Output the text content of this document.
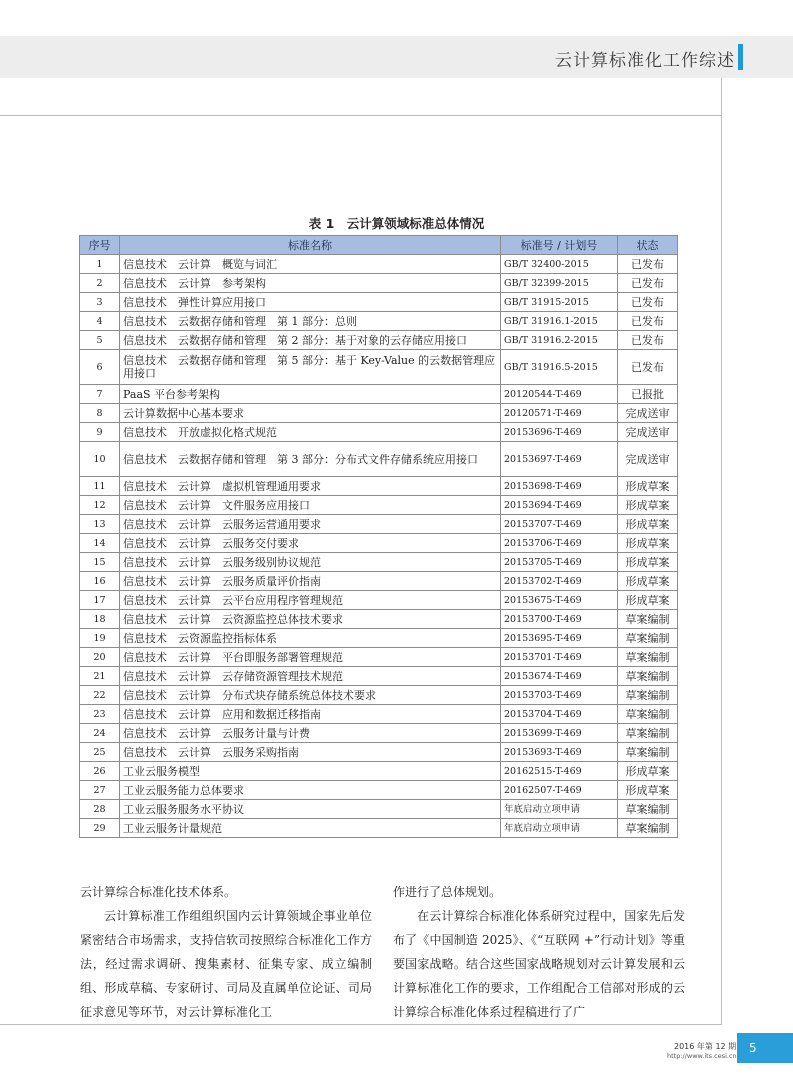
云计算标准化工作综述
表 1　云计算领域标准总体情况
序号	标准名称	标准号 / 计划号	状态
1	信息技术　云计算　概览与词汇	GB/T 32400-2015	已发布
2	信息技术　云计算　参考架构	GB/T 32399-2015	已发布
3	信息技术　弹性计算应用接口	GB/T 31915-2015	已发布
4	信息技术　云数据存储和管理　第 1 部分：总则	GB/T 31916.1-2015	已发布
5	信息技术　云数据存储和管理　第 2 部分：基于对象的云存储应用接口	GB/T 31916.2-2015	已发布
6	信息技术　云数据存储和管理　第 5 部分：基于 Key-Value 的云数据管理应用接口	GB/T 31916.5-2015	已发布
7	PaaS 平台参考架构	20120544-T-469	已报批
8	云计算数据中心基本要求	20120571-T-469	完成送审
9	信息技术　开放虚拟化格式规范	20153696-T-469	完成送审
10	信息技术　云数据存储和管理　第 3 部分：分布式文件存储系统应用接口	20153697-T-469	完成送审
11	信息技术　云计算　虚拟机管理通用要求	20153698-T-469	形成草案
12	信息技术　云计算　文件服务应用接口	20153694-T-469	形成草案
13	信息技术　云计算　云服务运营通用要求	20153707-T-469	形成草案
14	信息技术　云计算　云服务交付要求	20153706-T-469	形成草案
15	信息技术　云计算　云服务级别协议规范	20153705-T-469	形成草案
16	信息技术　云计算　云服务质量评价指南	20153702-T-469	形成草案
17	信息技术　云计算　云平台应用程序管理规范	20153675-T-469	形成草案
18	信息技术　云计算　云资源监控总体技术要求	20153700-T-469	草案编制
19	信息技术　云资源监控指标体系	20153695-T-469	草案编制
20	信息技术　云计算　平台即服务部署管理规范	20153701-T-469	草案编制
21	信息技术　云计算　云存储资源管理技术规范	20153674-T-469	草案编制
22	信息技术　云计算　分布式块存储系统总体技术要求	20153703-T-469	草案编制
23	信息技术　云计算　应用和数据迁移指南	20153704-T-469	草案编制
24	信息技术　云计算　云服务计量与计费	20153699-T-469	草案编制
25	信息技术　云计算　云服务采购指南	20153693-T-469	草案编制
26	工业云服务模型	20162515-T-469	形成草案
27	工业云服务能力总体要求	20162507-T-469	形成草案
28	工业云服务服务水平协议	年底启动立项申请	草案编制
29	工业云服务计量规范	年底启动立项申请	草案编制

云计算综合标准化技术体系。

云计算标准工作组组织国内云计算领域企事业单位紧密结合市场需求，支持信软司按照综合标准化工作方法，经过需求调研、搜集素材、征集专家、成立编制组、形成草稿、专家研讨、司局及直属单位论证、司局征求意见等环节，对云计算标准化工

作进行了总体规划。

在云计算综合标准化体系研究过程中，国家先后发布了《中国制造 2025》、《“互联网 +”行动计划》等重要国家战略。结合这些国家战略规划对云计算发展和云计算标准化工作的要求，工作组配合工信部对形成的云计算综合标准化体系过程稿进行了广

2016 年第 12 期
http://www.its.cesi.cn
5
